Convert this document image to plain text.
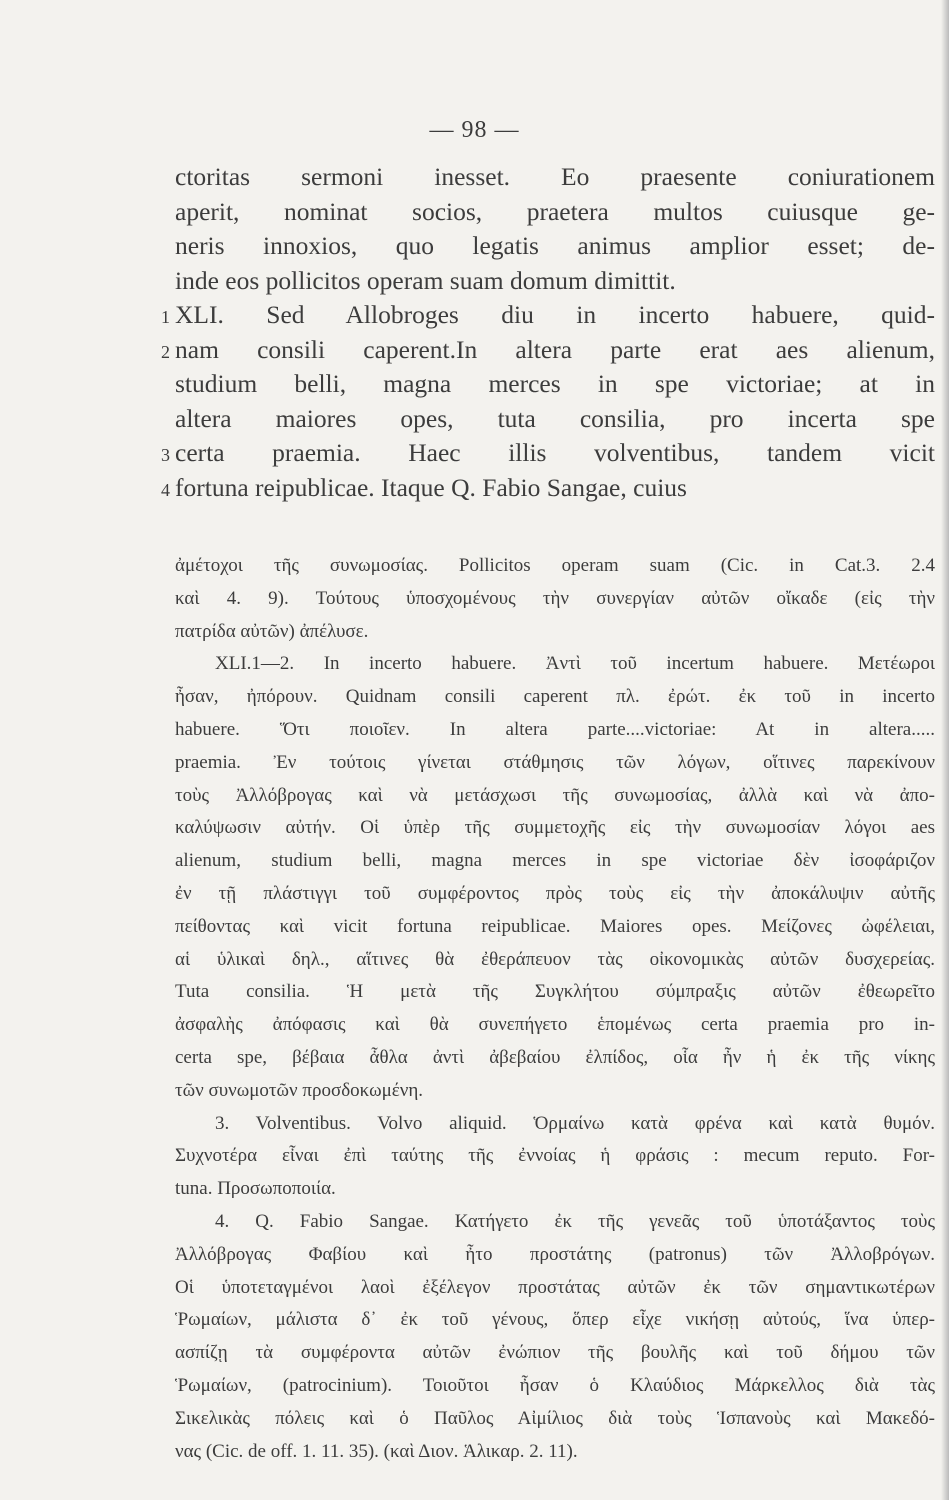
— 98 —
ctoritas sermoni inesset. Eo praesente coniurationem
aperit, nominat socios, praetera multos cuiusque ge-
neris innoxios, quo legatis animus amplior esset; de-
inde eos pollicitos operam suam domum dimittit.
1 XLI. Sed Allobroges diu in incerto habuere, quid-
2 nam consili caperent.In altera parte erat aes alienum,
studium belli, magna merces in spe victoriae; at in
altera maiores opes, tuta consilia, pro incerta spe
3 certa praemia. Haec illis volventibus, tandem vicit
4 fortuna reipublicae. Itaque Q. Fabio Sangae, cuius
ἀμέτοχοι τῆς συνωμοσίας. Pollicitos operam suam (Cic. in Cat.3. 2.4
καὶ 4. 9). Τούτους ὑποσχομένους τὴν συνεργίαν αὐτῶν οἴκαδε (εἰς τὴν
πατρίδα αὐτῶν) ἀπέλυσε.
XLI.1—2. In incerto habuere. Ἀντὶ τοῦ incertum habuere. Μετέωροι
ἦσαν, ἠπόρουν. Quidnam consili caperent πλ. ἐρώτ. ἐκ τοῦ in incerto
habuere. Ὅτι ποιοῖεν. In altera parte....victoriae: At in altera.....
praemia. Ἐν τούτοις γίνεται στάθμησις τῶν λόγων, οἵτινες παρεκίνουν
τοὺς Ἀλλόβρογας καὶ νὰ μετάσχωσι τῆς συνωμοσίας, ἀλλὰ καὶ νὰ ἀπο-
καλύψωσιν αὐτήν. Οἱ ὑπὲρ τῆς συμμετοχῆς εἰς τὴν συνωμοσίαν λόγοι aes
alienum, studium belli, magna merces in spe victoriae δὲν ἰσοφάριζον
ἐν τῇ πλάστιγγι τοῦ συμφέροντος πρὸς τοὺς εἰς τὴν ἀποκάλυψιν αὐτῆς
πείθοντας καὶ vicit fortuna reipublicae. Maiores opes. Μείζονες ὠφέλειαι,
αἱ ὑλικαὶ δηλ., αἵτινες θὰ ἐθεράπευον τὰς οἰκονομικὰς αὐτῶν δυσχερείας.
Tuta consilia. Ἡ μετὰ τῆς Συγκλήτου σύμπραξις αὐτῶν ἐθεωρεῖτο
ἀσφαλὴς ἀπόφασις καὶ θὰ συνεπήγετο ἑπομένως certa praemia pro in-
certa spe, βέβαια ἆθλα ἀντὶ ἀβεβαίου ἐλπίδος, οἷα ἦν ἡ ἐκ τῆς νίκης
τῶν συνωμοτῶν προσδοκωμένη.
3. Volventibus. Volvo aliquid. Ὁρμαίνω κατὰ φρένα καὶ κατὰ θυμόν.
Συχνοτέρα εἶναι ἐπὶ ταύτης τῆς ἐννοίας ἡ φράσις : mecum reputo. For-
tuna. Προσωποποιία.
4. Q. Fabio Sangae. Κατήγετο ἐκ τῆς γενεᾶς τοῦ ὑποτάξαντος τοὺς
Ἀλλόβρογας Φαβίου καὶ ἦτο προστάτης (patronus) τῶν Ἀλλοβρόγων.
Οἱ ὑποτεταγμένοι λαοὶ ἐξέλεγον προστάτας αὐτῶν ἐκ τῶν σημαντικωτέρων
Ῥωμαίων, μάλιστα δ᾽ ἐκ τοῦ γένους, ὅπερ εἶχε νικήσῃ αὐτούς, ἵνα ὑπερ-
ασπίζῃ τὰ συμφέροντα αὐτῶν ἐνώπιον τῆς βουλῆς καὶ τοῦ δήμου τῶν
Ῥωμαίων, (patrocinium). Τοιοῦτοι ἦσαν ὁ Κλαύδιος Μάρκελλος διὰ τὰς
Σικελικὰς πόλεις καὶ ὁ Παῦλος Αἰμίλιος διὰ τοὺς Ἱσπανοὺς καὶ Μακεδό-
νας (Cic. de off. 1. 11. 35). (καὶ Διον. Ἁλικαρ. 2. 11).
